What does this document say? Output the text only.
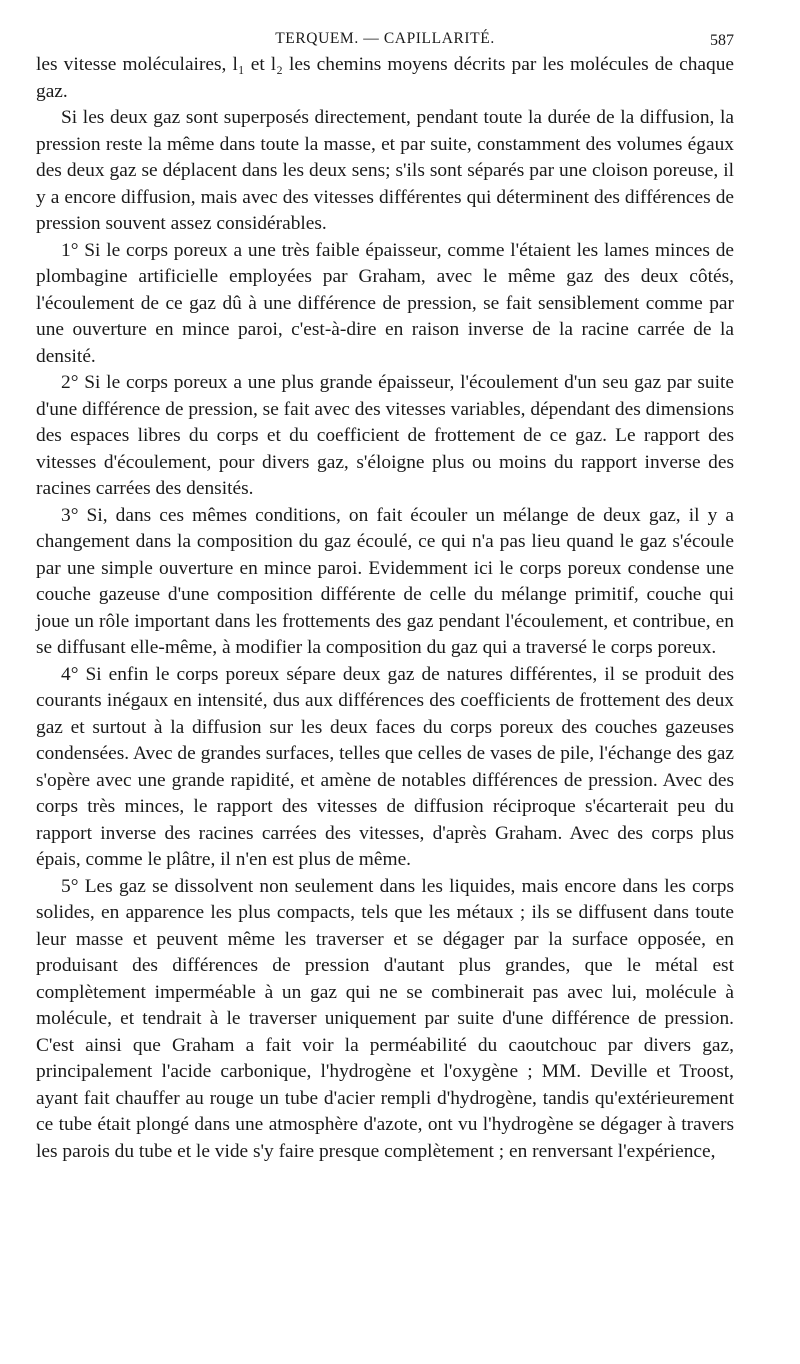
TERQUEM. — CAPILLARITÉ.	587

les vitesse moléculaires, l₁ et l₂ les chemins moyens décrits par les molécules de chaque gaz.

Si les deux gaz sont superposés directement, pendant toute la durée de la diffusion, la pression reste la même dans toute la masse, et par suite, constamment des volumes égaux des deux gaz se déplacent dans les deux sens; s'ils sont séparés par une cloison poreuse, il y a encore diffusion, mais avec des vitesses différentes qui déterminent des différences de pression souvent assez considérables.

1° Si le corps poreux a une très faible épaisseur, comme l'étaient les lames minces de plombagine artificielle employées par Graham, avec le même gaz des deux côtés, l'écoulement de ce gaz dû à une différence de pression, se fait sensiblement comme par une ouverture en mince paroi, c'est-à-dire en raison inverse de la racine carrée de la densité.

2° Si le corps poreux a une plus grande épaisseur, l'écoulement d'un seu gaz par suite d'une différence de pression, se fait avec des vitesses variables, dépendant des dimensions des espaces libres du corps et du coefficient de frottement de ce gaz. Le rapport des vitesses d'écoulement, pour divers gaz, s'éloigne plus ou moins du rapport inverse des racines carrées des densités.

3° Si, dans ces mêmes conditions, on fait écouler un mélange de deux gaz, il y a changement dans la composition du gaz écoulé, ce qui n'a pas lieu quand le gaz s'écoule par une simple ouverture en mince paroi. Evidemment ici le corps poreux condense une couche gazeuse d'une composition différente de celle du mélange primitif, couche qui joue un rôle important dans les frottements des gaz pendant l'écoulement, et contribue, en se diffusant elle-même, à modifier la composition du gaz qui a traversé le corps poreux.

4° Si enfin le corps poreux sépare deux gaz de natures différentes, il se produit des courants inégaux en intensité, dus aux différences des coefficients de frottement des deux gaz et surtout à la diffusion sur les deux faces du corps poreux des couches gazeuses condensées. Avec de grandes surfaces, telles que celles de vases de pile, l'échange des gaz s'opère avec une grande rapidité, et amène de notables différences de pression. Avec des corps très minces, le rapport des vitesses de diffusion réciproque s'écarterait peu du rapport inverse des racines carrées des vitesses, d'après Graham. Avec des corps plus épais, comme le plâtre, il n'en est plus de même.

5° Les gaz se dissolvent non seulement dans les liquides, mais encore dans les corps solides, en apparence les plus compacts, tels que les métaux ; ils se diffusent dans toute leur masse et peuvent même les traverser et se dégager par la surface opposée, en produisant des différences de pression d'autant plus grandes, que le métal est complètement imperméable à un gaz qui ne se combinerait pas avec lui, molécule à molécule, et tendrait à le traverser uniquement par suite d'une différence de pression. C'est ainsi que Graham a fait voir la perméabilité du caoutchouc par divers gaz, principalement l'acide carbonique, l'hydrogène et l'oxygène ; MM. Deville et Troost, ayant fait chauffer au rouge un tube d'acier rempli d'hydrogène, tandis qu'extérieurement ce tube était plongé dans une atmosphère d'azote, ont vu l'hydrogène se dégager à travers les parois du tube et le vide s'y faire presque complètement ; en renversant l'expérience,
